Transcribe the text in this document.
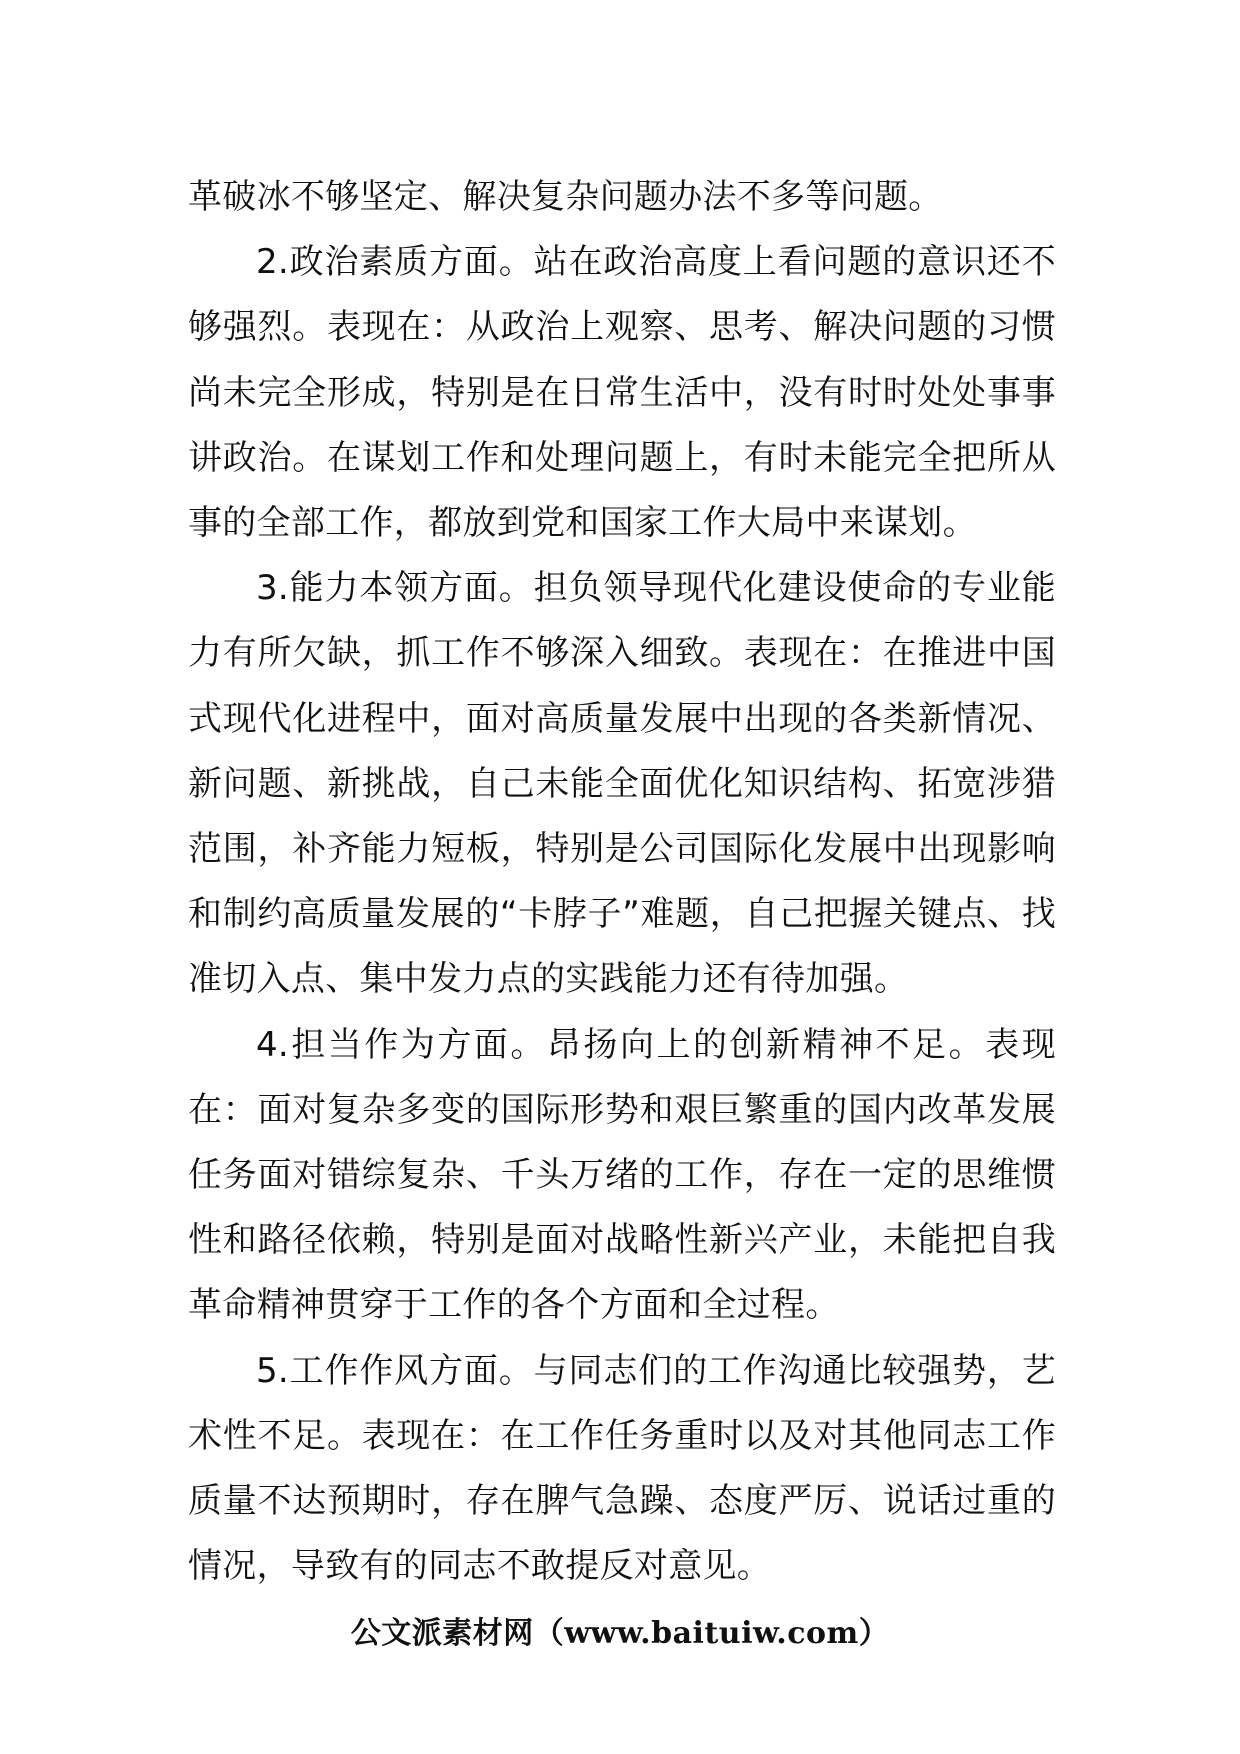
革破冰不够坚定、解决复杂问题办法不多等问题。

2.政治素质方面。站在政治高度上看问题的意识还不够强烈。表现在：从政治上观察、思考、解决问题的习惯尚未完全形成，特别是在日常生活中，没有时时处处事事讲政治。在谋划工作和处理问题上，有时未能完全把所从事的全部工作，都放到党和国家工作大局中来谋划。

3.能力本领方面。担负领导现代化建设使命的专业能力有所欠缺，抓工作不够深入细致。表现在：在推进中国式现代化进程中，面对高质量发展中出现的各类新情况、新问题、新挑战，自己未能全面优化知识结构、拓宽涉猎范围，补齐能力短板，特别是公司国际化发展中出现影响和制约高质量发展的“卡脖子”难题，自己把握关键点、找准切入点、集中发力点的实践能力还有待加强。

4.担当作为方面。昂扬向上的创新精神不足。表现在：面对复杂多变的国际形势和艰巨繁重的国内改革发展任务面对错综复杂、千头万绪的工作，存在一定的思维惯性和路径依赖，特别是面对战略性新兴产业，未能把自我革命精神贯穿于工作的各个方面和全过程。

5.工作作风方面。与同志们的工作沟通比较强势，艺术性不足。表现在：在工作任务重时以及对其他同志工作质量不达预期时，存在脾气急躁、态度严厉、说话过重的情况，导致有的同志不敢提反对意见。

公文派素材网（www.baituiw.com）
